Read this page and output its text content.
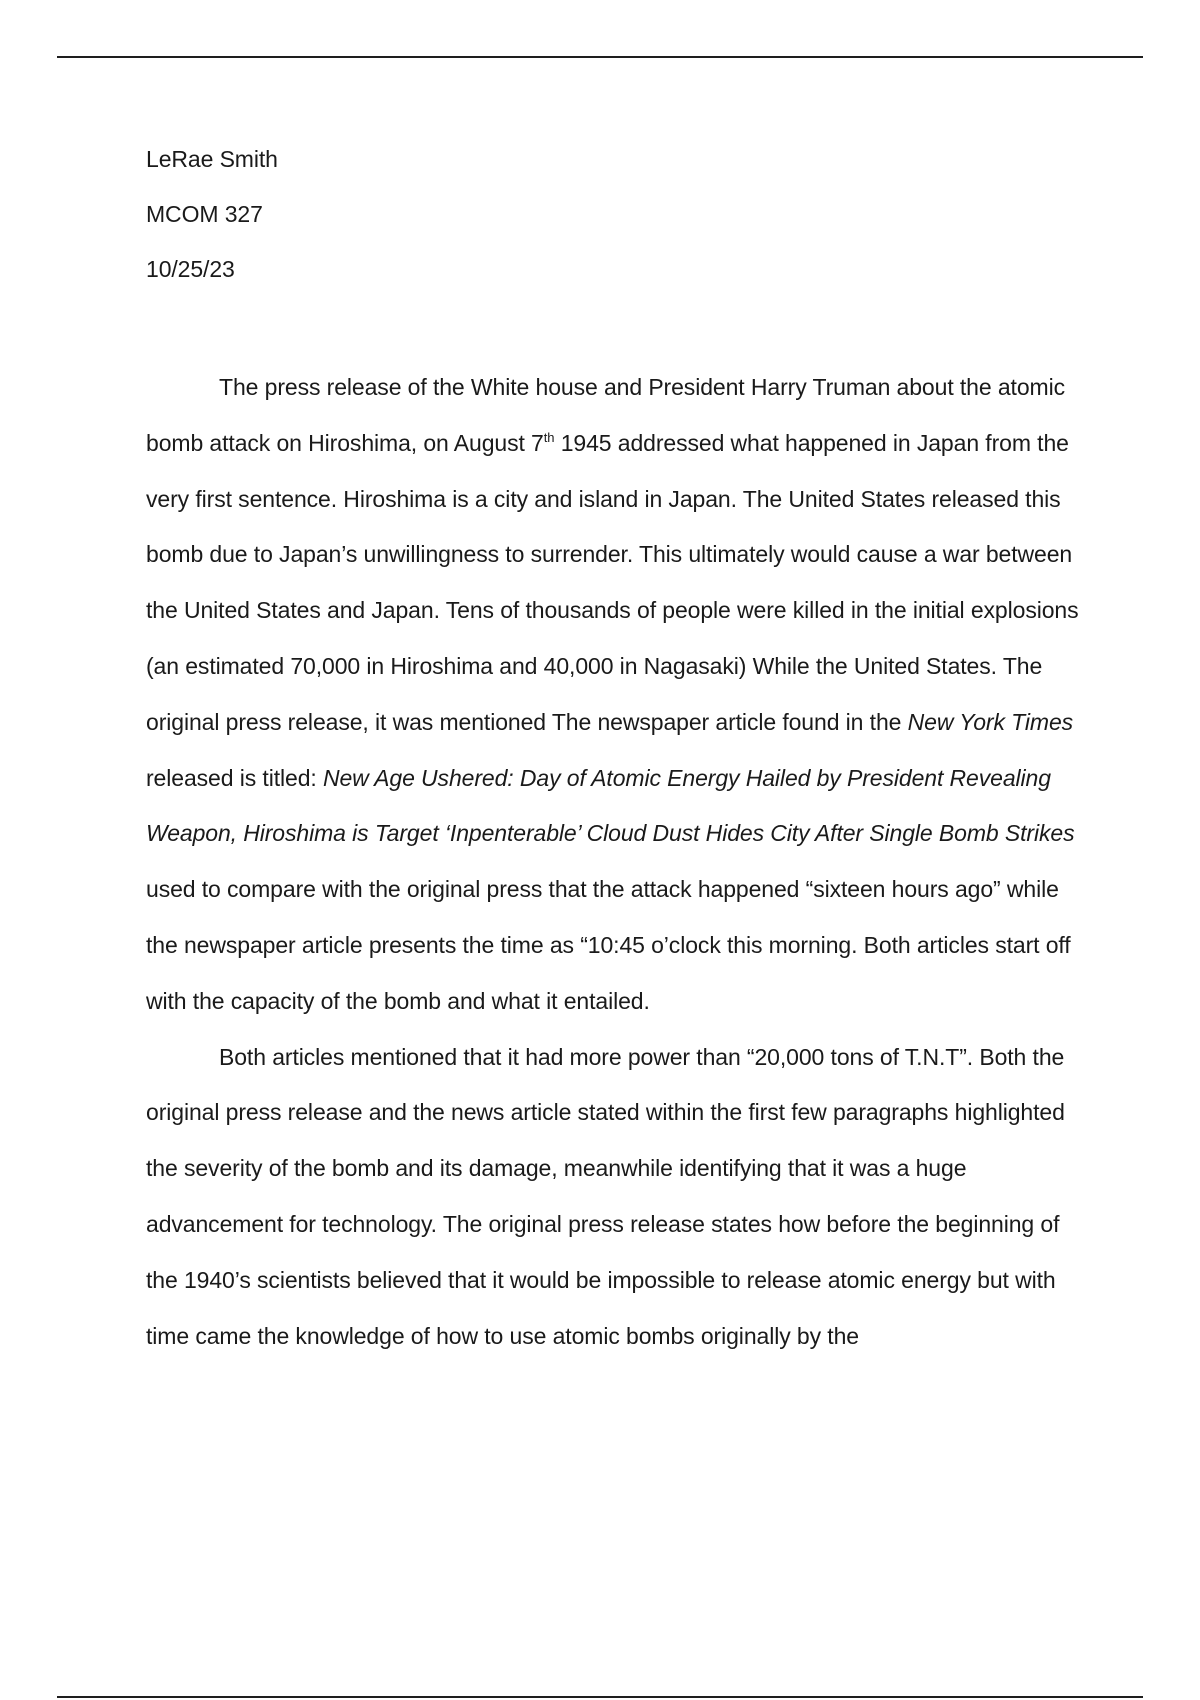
LeRae Smith
MCOM 327
10/25/23

The press release of the White house and President Harry Truman about the atomic bomb attack on Hiroshima, on August 7th 1945 addressed what happened in Japan from the very first sentence. Hiroshima is a city and island in Japan. The United States released this bomb due to Japan’s unwillingness to surrender. This ultimately would cause a war between the United States and Japan. Tens of thousands of people were killed in the initial explosions (an estimated 70,000 in Hiroshima and 40,000 in Nagasaki) While the United States. The original press release, it was mentioned The newspaper article found in the New York Times released is titled: New Age Ushered: Day of Atomic Energy Hailed by President Revealing Weapon, Hiroshima is Target ‘Inpenterable’ Cloud Dust Hides City After Single Bomb Strikes used to compare with the original press that the attack happened “sixteen hours ago” while the newspaper article presents the time as “10:45 o’clock this morning. Both articles start off with the capacity of the bomb and what it entailed.

Both articles mentioned that it had more power than “20,000 tons of T.N.T”. Both the original press release and the news article stated within the first few paragraphs highlighted the severity of the bomb and its damage, meanwhile identifying that it was a huge advancement for technology. The original press release states how before the beginning of the 1940’s scientists believed that it would be impossible to release atomic energy but with time came the knowledge of how to use atomic bombs originally by the
